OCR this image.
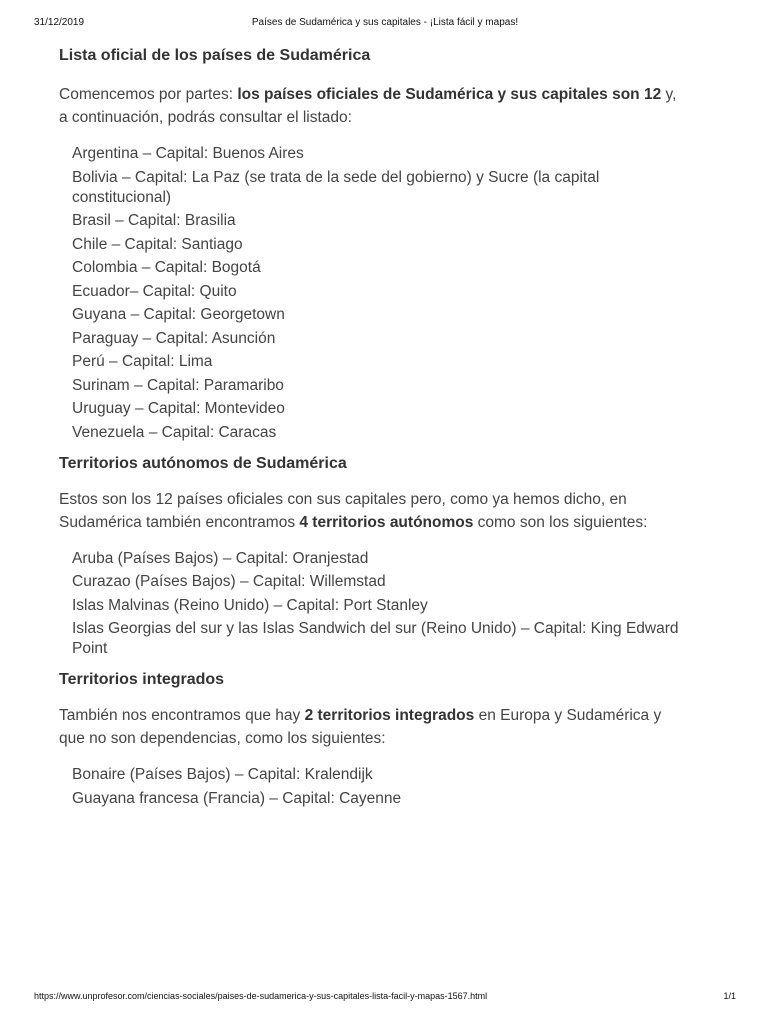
31/12/2019	Países de Sudamérica y sus capitales - ¡Lista fácil y mapas!
Lista oficial de los países de Sudamérica

Comencemos por partes: los países oficiales de Sudamérica y sus capitales son 12 y, a continuación, podrás consultar el listado:

Argentina – Capital: Buenos Aires
Bolivia – Capital: La Paz (se trata de la sede del gobierno) y Sucre (la capital constitucional)
Brasil – Capital: Brasilia
Chile – Capital: Santiago
Colombia – Capital: Bogotá
Ecuador– Capital: Quito
Guyana – Capital: Georgetown
Paraguay – Capital: Asunción
Perú – Capital: Lima
Surinam – Capital: Paramaribo
Uruguay – Capital: Montevideo
Venezuela – Capital: Caracas
Territorios autónomos de Sudamérica

Estos son los 12 países oficiales con sus capitales pero, como ya hemos dicho, en Sudamérica también encontramos 4 territorios autónomos como son los siguientes:

Aruba (Países Bajos) – Capital: Oranjestad
Curazao (Países Bajos) – Capital: Willemstad
Islas Malvinas (Reino Unido) – Capital: Port Stanley
Islas Georgias del sur y las Islas Sandwich del sur (Reino Unido) – Capital: King Edward Point
Territorios integrados

También nos encontramos que hay 2 territorios integrados en Europa y Sudamérica y que no son dependencias, como los siguientes:

Bonaire (Países Bajos) – Capital: Kralendijk
Guayana francesa (Francia) – Capital: Cayenne
https://www.unprofesor.com/ciencias-sociales/paises-de-sudamerica-y-sus-capitales-lista-facil-y-mapas-1567.html	1/1
